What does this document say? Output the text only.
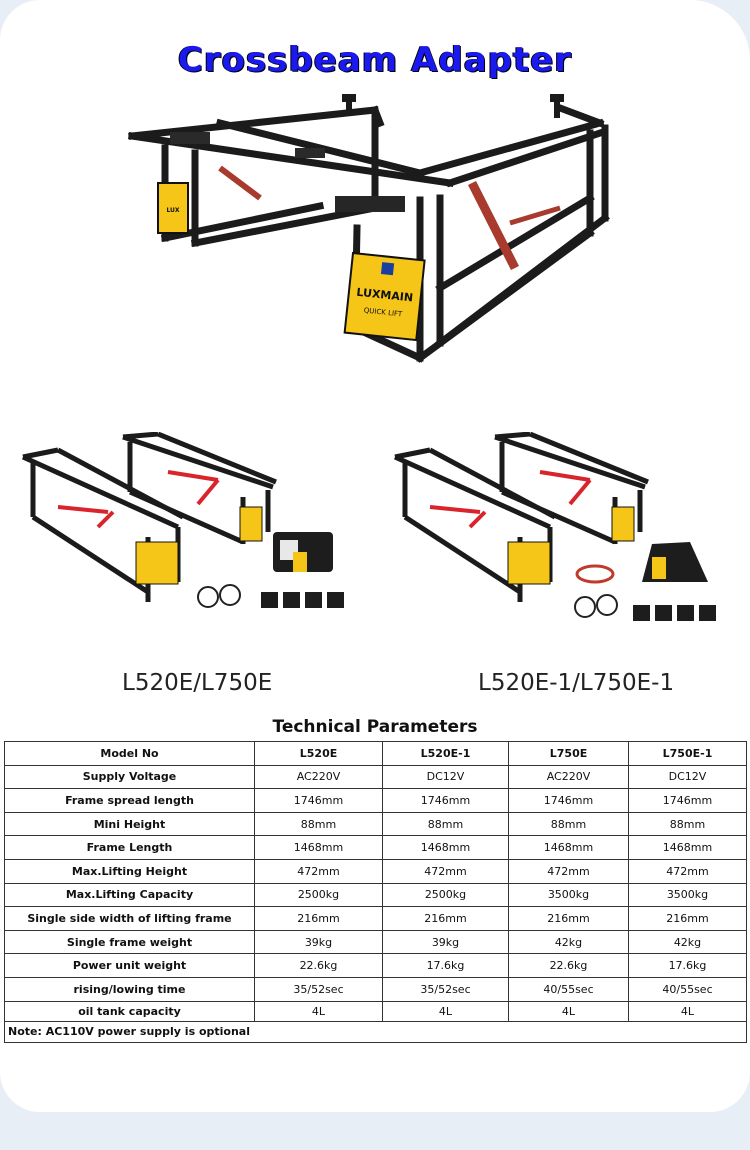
Crossbeam Adapter
LUX
LUXMAIN
QUICK LIFT
L520E/L750E	L520E-1/L750E-1
Technical Parameters
Model No	L520E	L520E-1	L750E	L750E-1
Supply Voltage	AC220V	DC12V	AC220V	DC12V
Frame spread length	1746mm	1746mm	1746mm	1746mm
Mini Height	88mm	88mm	88mm	88mm
Frame Length	1468mm	1468mm	1468mm	1468mm
Max.Lifting Height	472mm	472mm	472mm	472mm
Max.Lifting Capacity	2500kg	2500kg	3500kg	3500kg
Single side width of lifting frame	216mm	216mm	216mm	216mm
Single frame weight	39kg	39kg	42kg	42kg
Power unit weight	22.6kg	17.6kg	22.6kg	17.6kg
rising/lowing time	35/52sec	35/52sec	40/55sec	40/55sec
oil tank capacity	4L	4L	4L	4L
Note: AC110V power supply is optional				
